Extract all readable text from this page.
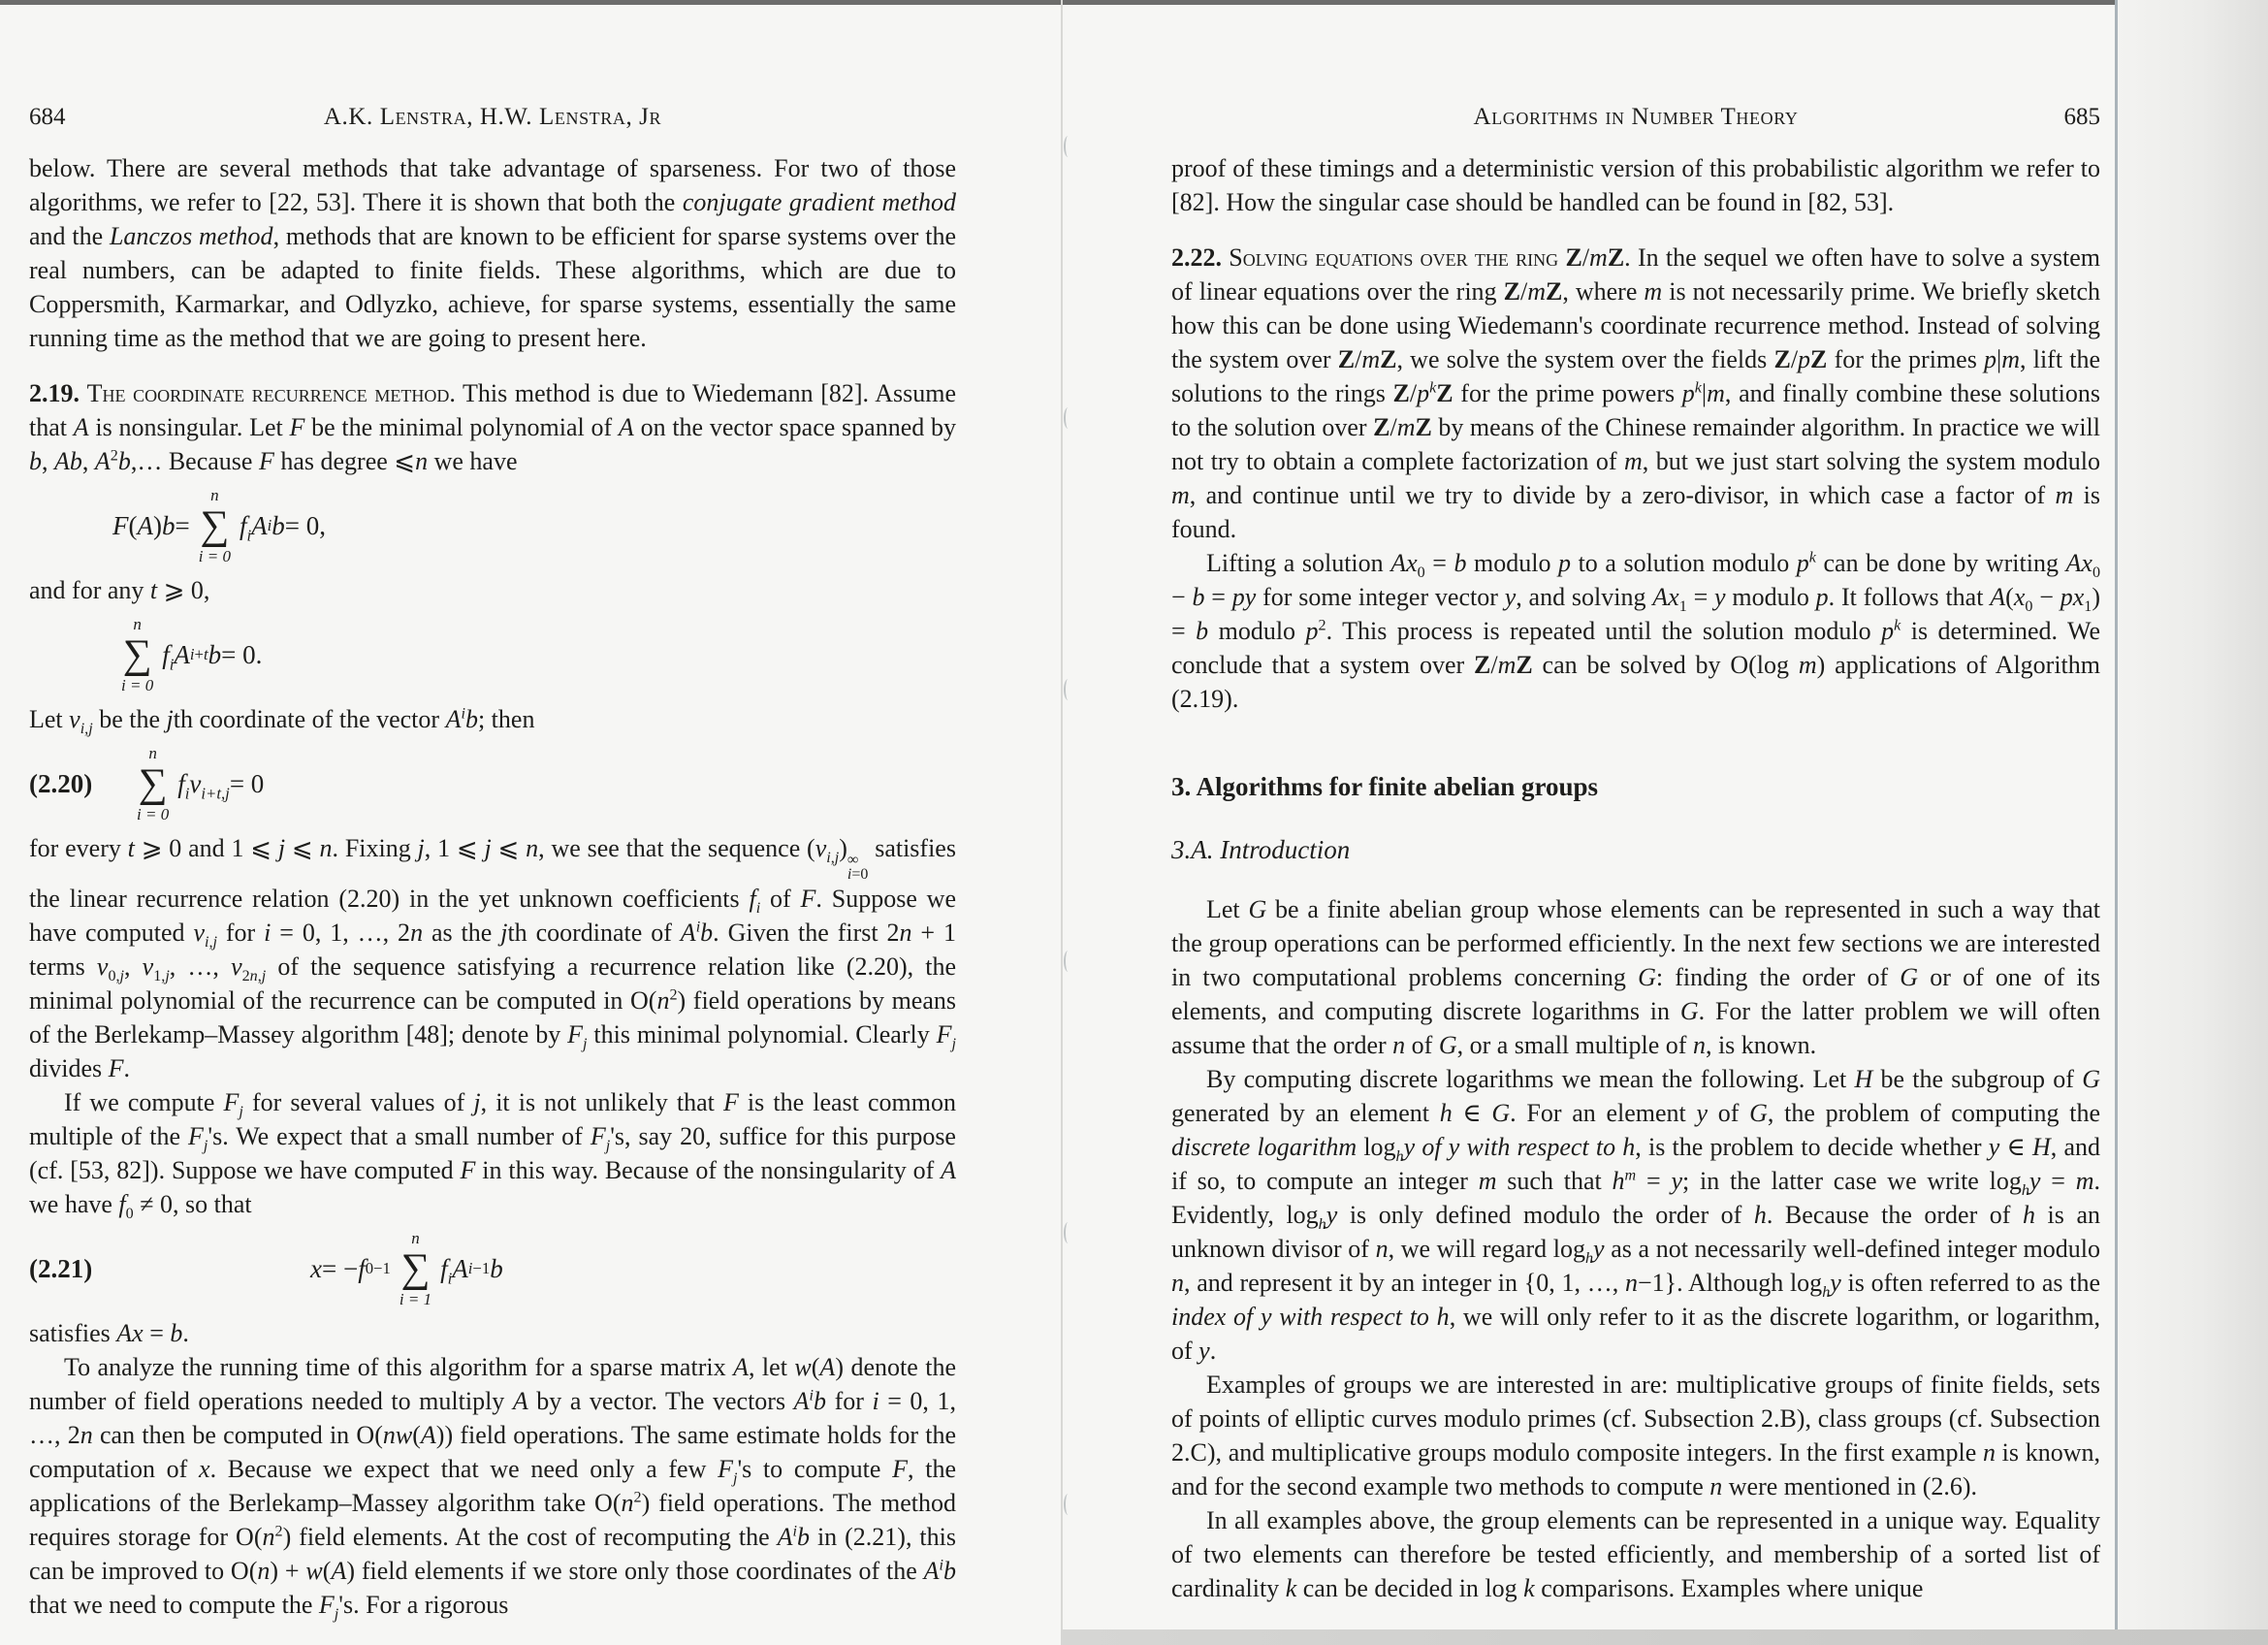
684	A.K. Lenstra, H.W. Lenstra, Jr

below. There are several methods that take advantage of sparseness. For two of those algorithms, we refer to [22, 53]. There it is shown that both the conjugate gradient method and the Lanczos method, methods that are known to be efficient for sparse systems over the real numbers, can be adapted to finite fields. These algorithms, which are due to Coppersmith, Karmarkar, and Odlyzko, achieve, for sparse systems, essentially the same running time as the method that we are going to present here.

2.19. The coordinate recurrence method. This method is due to Wiedemann [82]. Assume that A is nonsingular. Let F be the minimal polynomial of A on the vector space spanned by b, Ab, $A^2b,\dots$ Because F has degree ⩽n we have

F ( A ) b =
n
∑
i = 0
$f_i$ A i b = 0,

and for any t ⩾ 0,

n
∑
i = 0
$f_i$ A i+t b = 0.

Let $v_{i,j}$ be the jth coordinate of the vector $A^ib$; then

(2.20)
n
∑
i = 0
$f_i$ $v_{i+t,j} = 0$

for every t ⩾ 0 and 1 ⩽ j ⩽ n. Fixing j, 1 ⩽ j ⩽ n, we see that the sequence $(v_{i,j})$ ∞
i=0
satisfies the linear recurrence relation (2.20) in the yet unknown coefficients $f_i$ of F. Suppose we have computed $v_{i,j}$ for i = 0, 1, …, 2n as the jth coordinate of $A^ib$. Given the first 2n + 1 terms $v_{0,j}$, $v_{1,j}$, …, $v_{2n,j}$ of the sequence satisfying a recurrence relation like (2.20), the minimal polynomial of the recurrence can be computed in $O(n^2)$ field operations by means of the Berlekamp–Massey algorithm [48]; denote by $F_j$ this minimal polynomial. Clearly $F_j$ divides F.

If we compute $F_j$ for several values of j, it is not unlikely that F is the least common multiple of the $F_j's$. We expect that a small number of $F_j's$, say 20, suffice for this purpose (cf. [53, 82]). Suppose we have computed F in this way. Because of the nonsingularity of A we have $f_0 \ne 0$, so that

(2.21)	x = − f 0 −1
n
∑
i = 1
$f_i$ A i−1 b

satisfies Ax = b.

To analyze the running time of this algorithm for a sparse matrix A, let w(A) denote the number of field operations needed to multiply A by a vector. The vectors $A^ib$ for i = 0, 1, …, 2n can then be computed in O(nw(A)) field operations. The same estimate holds for the computation of x. Because we expect that we need only a few $F_j's$ to compute F, the applications of the Berlekamp–Massey algorithm take $O(n^2)$ field operations. The method requires storage for $O(n^2)$ field elements. At the cost of recomputing the $A^ib$ in (2.21), this can be improved to O(n) + w(A) field elements if we store only those coordinates of the $A^ib$ that we need to compute the $F_j's$. For a rigorous

Algorithms in Number Theory	685

proof of these timings and a deterministic version of this probabilistic algorithm we refer to [82]. How the singular case should be handled can be found in [82, 53].

2.22. Solving equations over the ring Z/mZ. In the sequel we often have to solve a system of linear equations over the ring Z/mZ, where m is not necessarily prime. We briefly sketch how this can be done using Wiedemann's coordinate recurrence method. Instead of solving the system over Z/mZ, we solve the system over the fields Z/pZ for the primes p|m, lift the solutions to the rings $Z/p^kZ$ for the prime powers $p^k|m$, and finally combine these solutions to the solution over Z/mZ by means of the Chinese remainder algorithm. In practice we will not try to obtain a complete factorization of m, but we just start solving the system modulo m, and continue until we try to divide by a zero-divisor, in which case a factor of m is found.

Lifting a solution $Ax_0 = b$ modulo p to a solution modulo $p^k$ can be done by writing $Ax_0 - b$ = py for some integer vector y, and solving $Ax_1 = y$ modulo p. It follows that $A(x_0 - px_1) = b$ modulo $p^2$. This process is repeated until the solution modulo $p^k$ is determined. We conclude that a system over Z/mZ can be solved by O(log m) applications of Algorithm (2.19).

3. Algorithms for finite abelian groups

3.A. Introduction

Let G be a finite abelian group whose elements can be represented in such a way that the group operations can be performed efficiently. In the next few sections we are interested in two computational problems concerning G: finding the order of G or of one of its elements, and computing discrete logarithms in G. For the latter problem we will often assume that the order n of G, or a small multiple of n, is known.

By computing discrete logarithms we mean the following. Let H be the subgroup of G generated by an element h ∈ G. For an element y of G, the problem of computing the discrete logarithm $\log_hy$ of y with respect to h, is the problem to decide whether y ∈ H, and if so, to compute an integer m such that $h^m = y$; in the latter case we write $\log_hy = m$. Evidently, $\log_hy$ is only defined modulo the order of h. Because the order of h is an unknown divisor of n, we will regard $\log_hy$ as a not necessarily well-defined integer modulo n, and represent it by an integer in {0, 1, …, n−1}. Although $\log_hy$ is often referred to as the index of y with respect to h, we will only refer to it as the discrete logarithm, or logarithm, of y.

Examples of groups we are interested in are: multiplicative groups of finite fields, sets of points of elliptic curves modulo primes (cf. Subsection 2.B), class groups (cf. Subsection 2.C), and multiplicative groups modulo composite integers. In the first example n is known, and for the second example two methods to compute n were mentioned in (2.6).

In all examples above, the group elements can be represented in a unique way. Equality of two elements can therefore be tested efficiently, and membership of a sorted list of cardinality k can be decided in log k comparisons. Examples where unique
